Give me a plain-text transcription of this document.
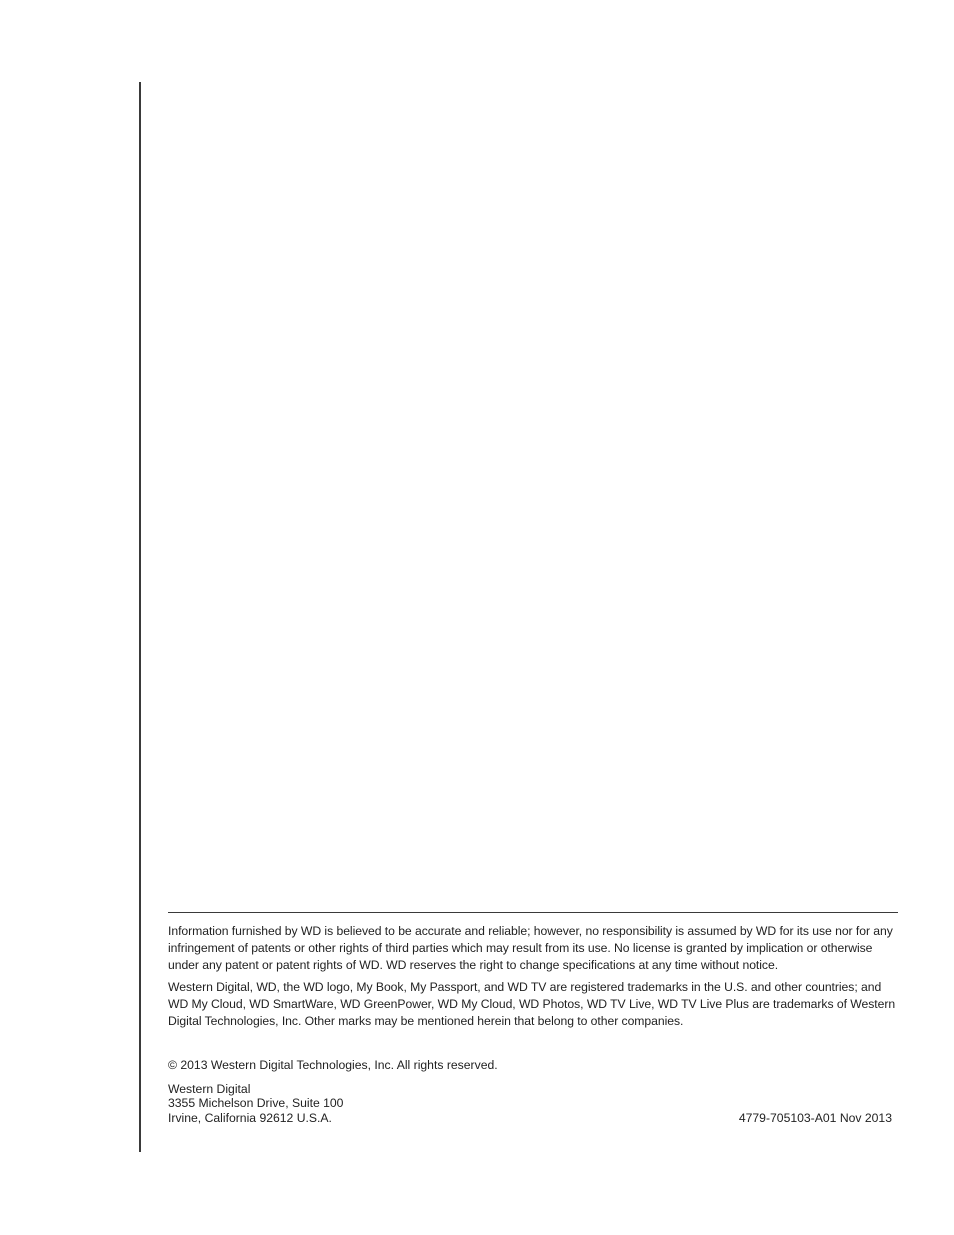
Information furnished by WD is believed to be accurate and reliable; however, no responsibility is assumed by WD for its use nor for any infringement of patents or other rights of third parties which may result from its use. No license is granted by implication or otherwise under any patent or patent rights of WD. WD reserves the right to change specifications at any time without notice.

Western Digital, WD, the WD logo, My Book, My Passport, and WD TV are registered trademarks in the U.S. and other countries; and WD My Cloud, WD SmartWare, WD GreenPower, WD My Cloud, WD Photos, WD TV Live, WD TV Live Plus are trademarks of Western Digital Technologies, Inc. Other marks may be mentioned herein that belong to other companies.

© 2013 Western Digital Technologies, Inc. All rights reserved.

Western Digital
3355 Michelson Drive, Suite 100
Irvine, California 92612 U.S.A.	4779-705103-A01 Nov 2013
